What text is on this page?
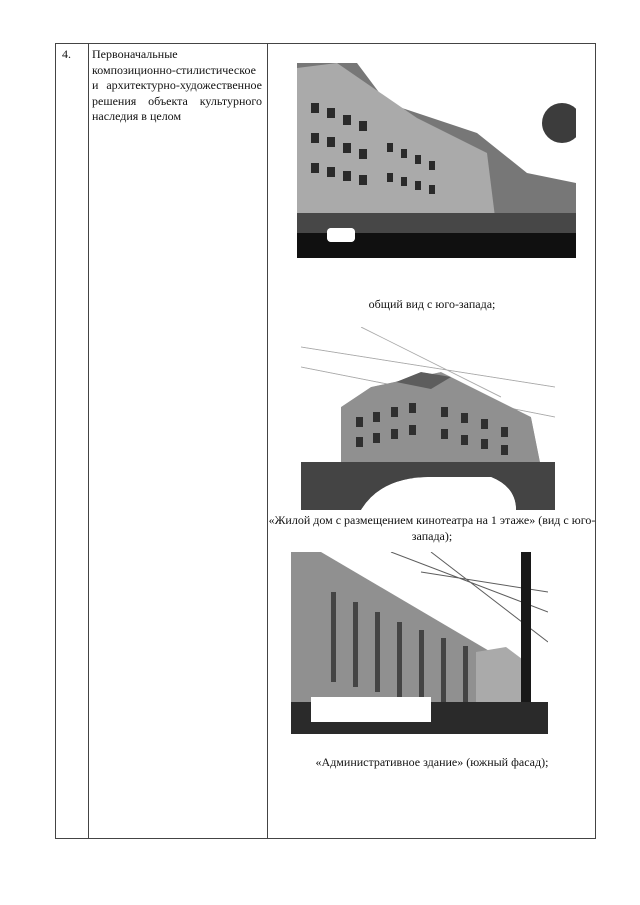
4. Первоначальные композиционно-стилистическое и архитектурно-художественное решения объекта культурного наследия в целом
общий вид с юго-запада;
«Жилой дом с размещением кинотеатра на 1 этаже» (вид с юго-запада);
«Административное здание» (южный фасад);
